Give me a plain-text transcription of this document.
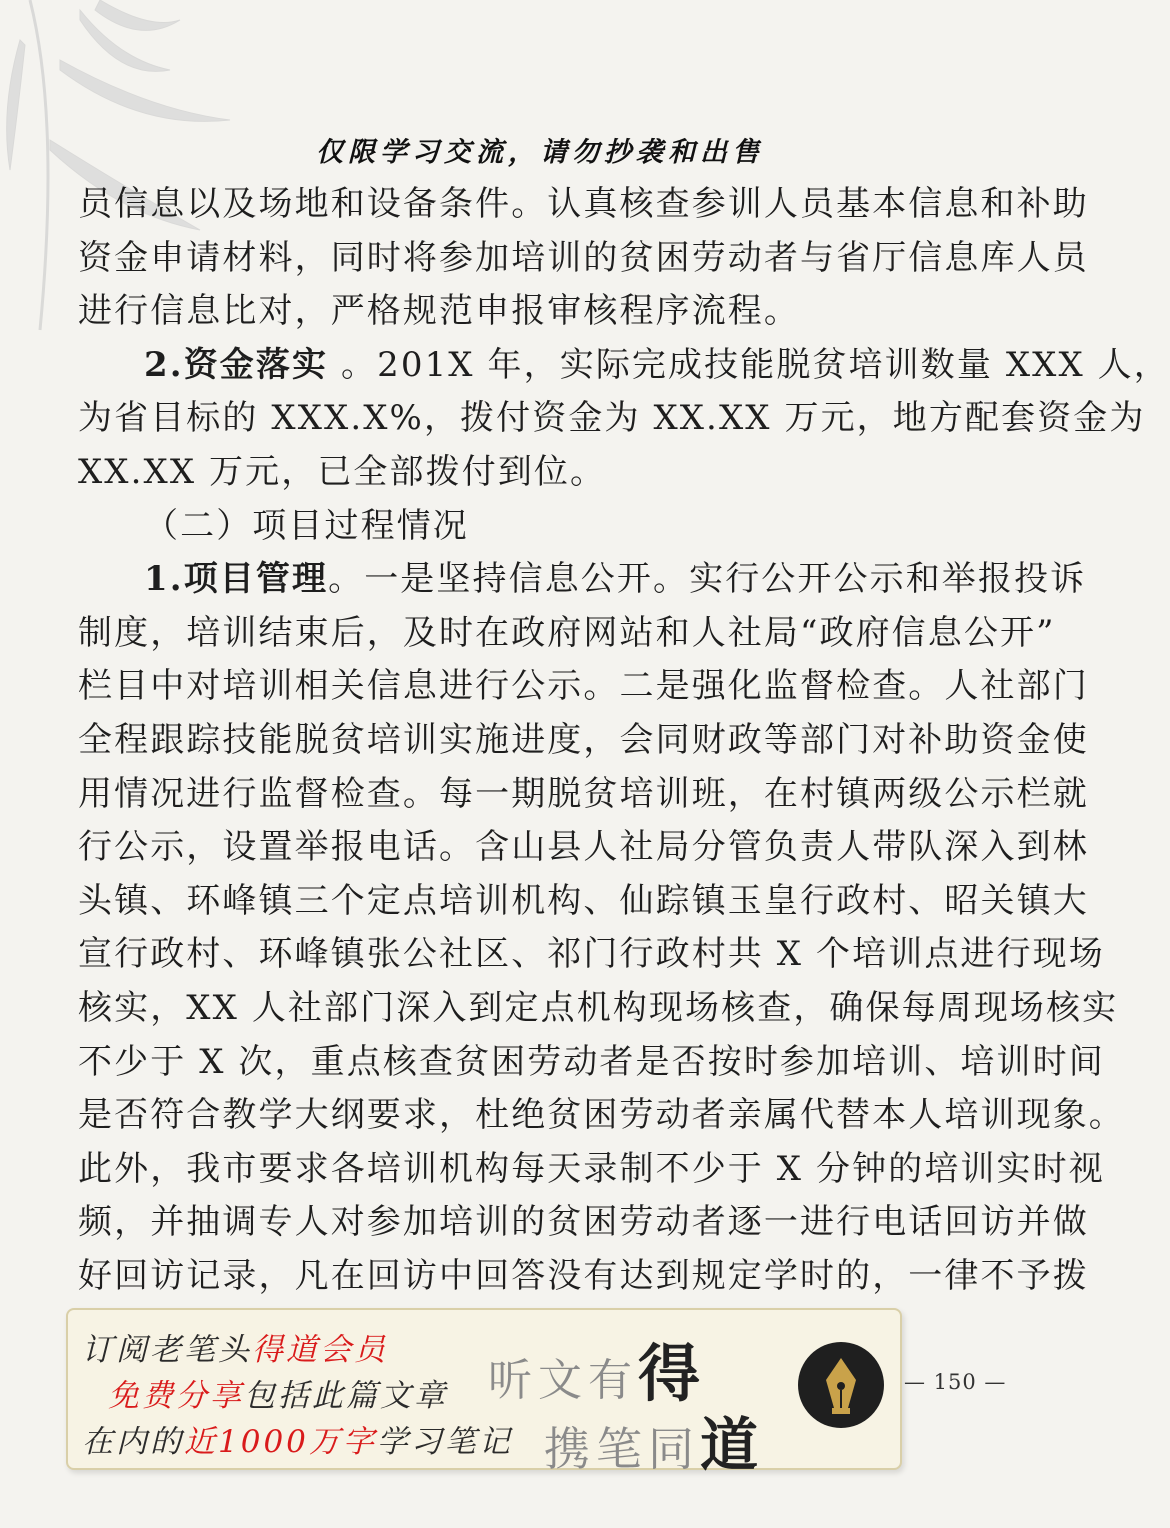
仅限学习交流，请勿抄袭和出售
员信息以及场地和设备条件。认真核查参训人员基本信息和补助
资金申请材料，同时将参加培训的贫困劳动者与省厅信息库人员
进行信息比对，严格规范申报审核程序流程。
2.资金落实 。201X 年，实际完成技能脱贫培训数量 XXX 人，
为省目标的 XXX.X%，拨付资金为 XX.XX 万元，地方配套资金为
XX.XX 万元，已全部拨付到位。
（二）项目过程情况
1.项目管理。一是坚持信息公开。实行公开公示和举报投诉
制度，培训结束后，及时在政府网站和人社局“政府信息公开”
栏目中对培训相关信息进行公示。二是强化监督检查。人社部门
全程跟踪技能脱贫培训实施进度，会同财政等部门对补助资金使
用情况进行监督检查。每一期脱贫培训班，在村镇两级公示栏就
行公示，设置举报电话。含山县人社局分管负责人带队深入到林
头镇、环峰镇三个定点培训机构、仙踪镇玉皇行政村、昭关镇大
宣行政村、环峰镇张公社区、祁门行政村共 X 个培训点进行现场
核实，XX 人社部门深入到定点机构现场核查，确保每周现场核实
不少于 X 次，重点核查贫困劳动者是否按时参加培训、培训时间
是否符合教学大纲要求，杜绝贫困劳动者亲属代替本人培训现象。
此外，我市要求各培训机构每天录制不少于 X 分钟的培训实时视
频，并抽调专人对参加培训的贫困劳动者逐一进行电话回访并做
好回访记录，凡在回访中回答没有达到规定学时的，一律不予拨
订阅老笔头得道会员
免费分享包括此篇文章
在内的近1000万字学习笔记
听文有得
携笔同道
— 150 —
